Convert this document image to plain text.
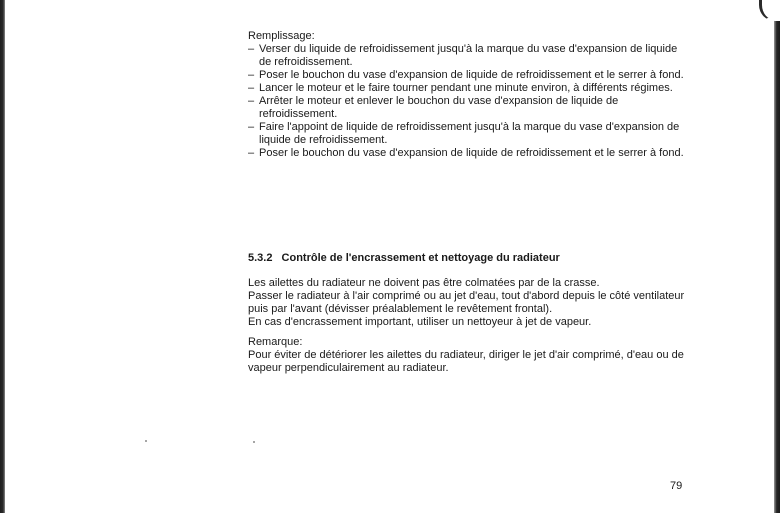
Remplissage:

– Verser du liquide de refroidissement jusqu'à la marque du vase d'expansion de liquide de refroidissement.
– Poser le bouchon du vase d'expansion de liquide de refroidissement et le serrer à fond.
– Lancer le moteur et le faire tourner pendant une minute environ, à différents régimes.
– Arrêter le moteur et enlever le bouchon du vase d'expansion de liquide de refroidissement.
– Faire l'appoint de liquide de refroidissement jusqu'à la marque du vase d'expansion de liquide de refroidissement.
– Poser le bouchon du vase d'expansion de liquide de refroidissement et le serrer à fond.
5.3.2 Contrôle de l'encrassement et nettoyage du radiateur

Les ailettes du radiateur ne doivent pas être colmatées par de la crasse.

Passer le radiateur à l'air comprimé ou au jet d'eau, tout d'abord depuis le côté ventilateur puis par l'avant (dévisser préalablement le revêtement frontal).

En cas d'encrassement important, utiliser un nettoyeur à jet de vapeur.

Remarque:

Pour éviter de détériorer les ailettes du radiateur, diriger le jet d'air comprimé, d'eau ou de vapeur perpendiculairement au radiateur.

79
